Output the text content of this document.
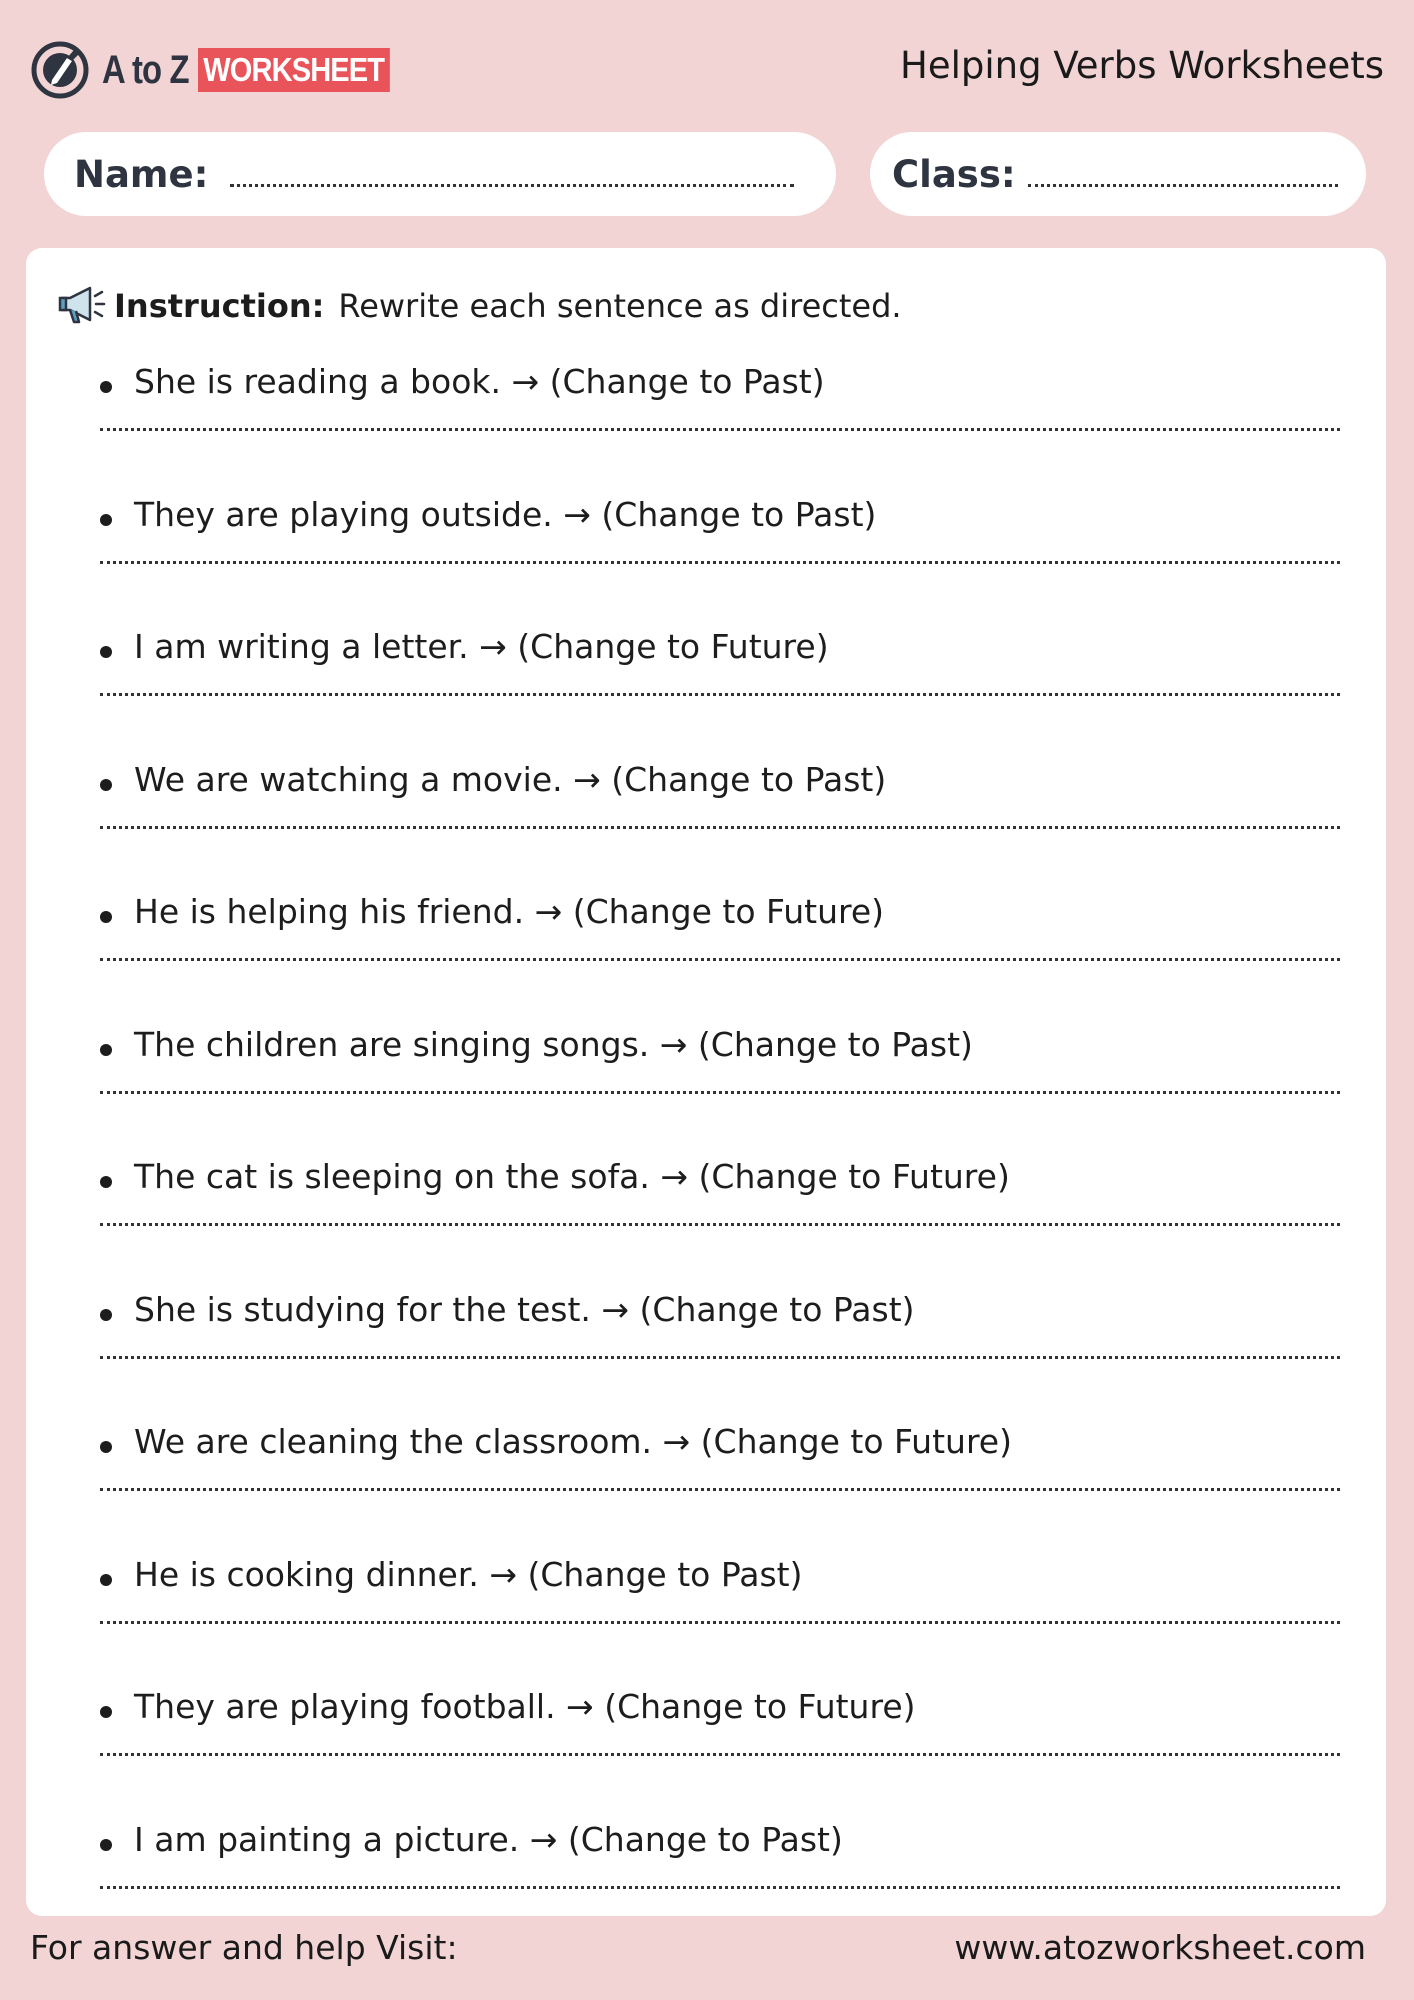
A to Z WORKSHEET	Helping Verbs Worksheets
Name:	Class:
Instruction: Rewrite each sentence as directed.
She is reading a book. → (Change to Past)
They are playing outside. → (Change to Past)
I am writing a letter. → (Change to Future)
We are watching a movie. → (Change to Past)
He is helping his friend. → (Change to Future)
The children are singing songs. → (Change to Past)
The cat is sleeping on the sofa. → (Change to Future)
She is studying for the test. → (Change to Past)
We are cleaning the classroom. → (Change to Future)
He is cooking dinner. → (Change to Past)
They are playing football. → (Change to Future)
I am painting a picture. → (Change to Past)
For answer and help Visit:	www.atozworksheet.com
